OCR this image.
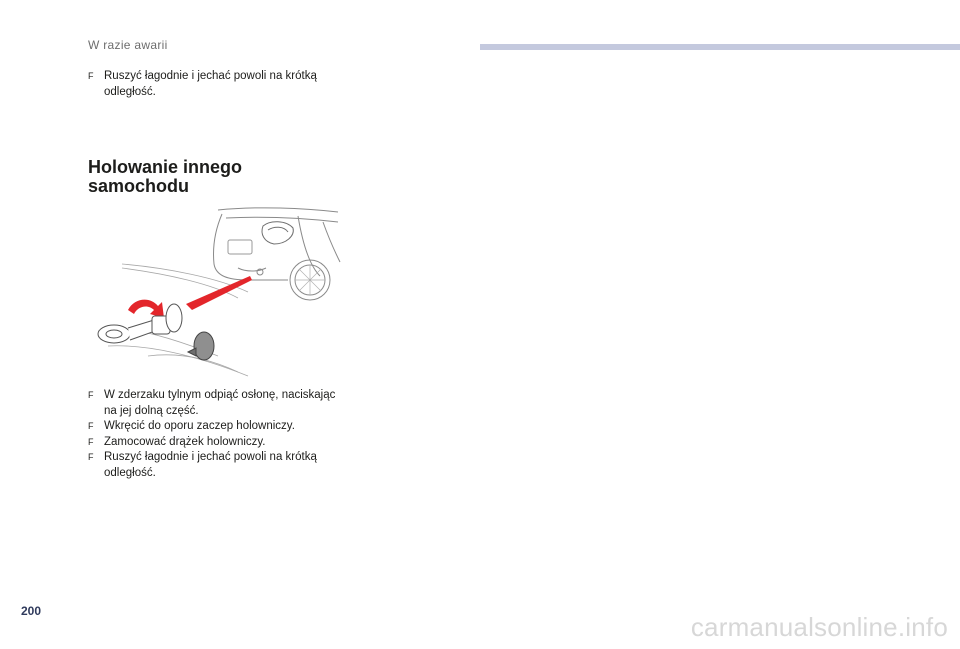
W razie awarii
F Ruszyć łagodnie i jechać powoli na krótką odległość.
Holowanie innego
samochodu
F W zderzaku tylnym odpiąć osłonę, naciskając na jej dolną część.
F Wkręcić do oporu zaczep holowniczy.
F Zamocować drążek holowniczy.
F Ruszyć łagodnie i jechać powoli na krótką odległość.
200
carmanualsonline.info
